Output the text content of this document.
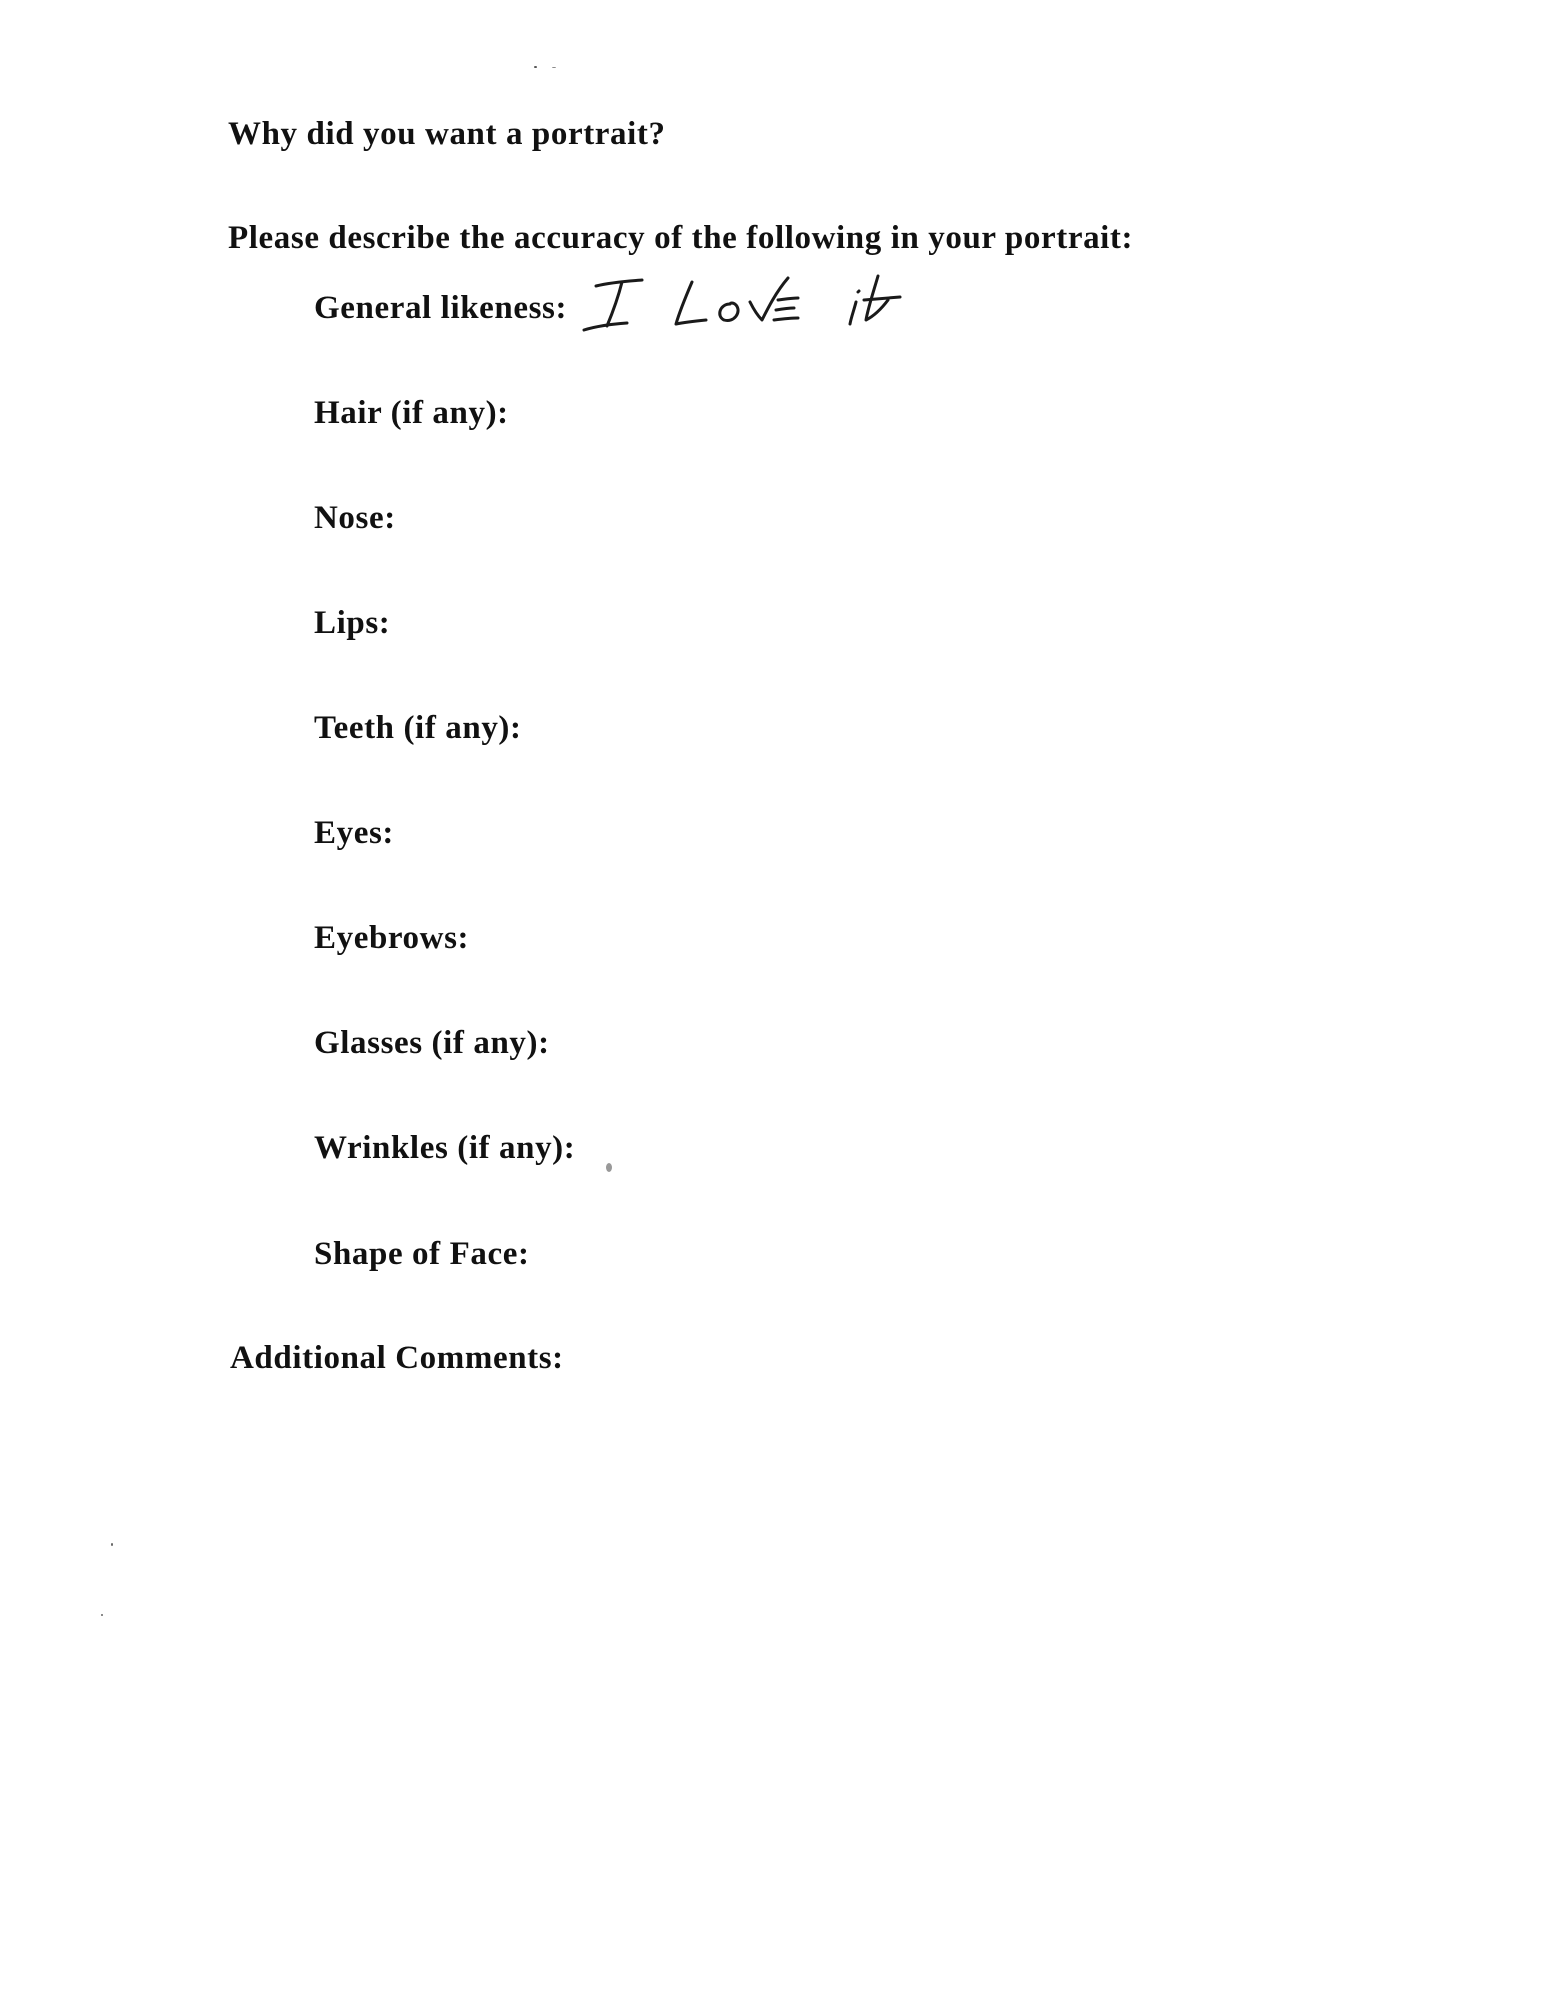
Why did you want a portrait?
Please describe the accuracy of the following in your portrait:
General likeness:
Hair (if any):
Nose:
Lips:
Teeth (if any):
Eyes:
Eyebrows:
Glasses (if any):
Wrinkles (if any):
Shape of Face:
Additional Comments:
